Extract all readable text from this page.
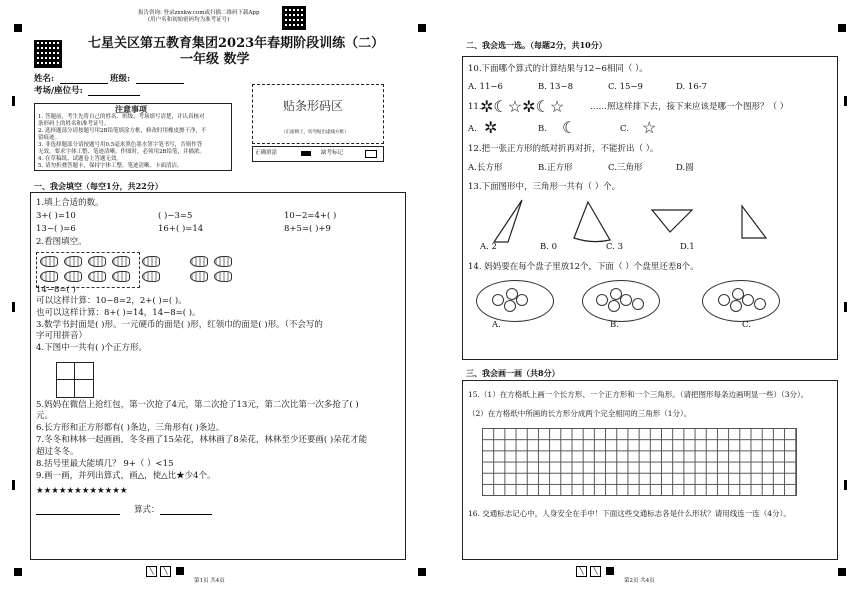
报告咨询: 登录zxxkw.com或扫描二维码下载App
(用户名和初始密码均为准考证号)
七星关区第五教育集团2023年春期阶段训练（二）
一年级 数学
姓名:	班级:
考场/座位号:
注意事项
1. 答题前，考生先将自己的姓名、班级、考场填写清楚，并认真核对
条形码上的姓名和准考证号。
2. 选择题部分请按题号用2B铅笔填涂方框，修改时用橡皮擦干净，不
留痕迹。
3. 非选择题部分请按题号用0.5毫米黑色墨水签字笔书写，否则作答
无效。要求字体工整、笔迹清晰。作图时，必须用2B铅笔，并描浓。
4. 在草稿纸、试题卷上答题无效。
5. 请勿折叠答题卡，保持字体工整、笔迹清晰、卡面清洁。
贴条形码区
（正面朝上，切勿贴出虚线方框）
正确填涂	缺考标记
一、我会填空（每空1分，共22分）
1.填上合适的数。
3+( )=10	( )−3=5	10−2=4+( )
13−( )=6	16+( )=14	8+5=( )+9
2.看图填空。
14−8=( )
可以这样计算：10−8=2，2+( )=( )。
也可以这样计算：8+( )=14，14−8=( )。
3.数学书封面是( )形。一元硬币的面是( )形，红领巾的面是( )形。（不会写的
字可用拼音）
4.下图中一共有( )个正方形。
5.妈妈在微信上抢红包，第一次抢了4元，第二次抢了13元，第二次比第一次多抢了( )
元。
6.长方形和正方形都有( )条边，三角形有( )条边。
7.冬冬和林林一起画画，冬冬画了15朵花，林林画了8朵花，林林至少还要画( )朵花才能
超过冬冬。
8.括号里最大能填几？ 9+（ ）<15
9.画一画，并列出算式，画△，使△比★少4个。
★★★★★★★★★★★★
算式：
╲	╲
第1页 共4页
二、我会选一选。（每题2分，共10分）
10.下面哪个算式的计算结果与12−6相同（ ）。
A. 11−6	B. 13−8	C. 15−9	D. 16-7
11.
✲☾☆✲☾☆	……照这样排下去，接下来应该是哪一个图形？（ ）
A. ✲	B. ☾	C. ☆
12.把一张正方形的纸对折再对折，不能折出（ ）。
A.长方形	B.正方形	C.三角形	D.圆
13.下面图形中，三角形一共有（ ）个。
A. 2	B. 0	C. 3	D.1
14. 妈妈要在每个盘子里放12个，下面（ ）个盘里还差8个。
A.	B.	C.
三、我会画一画（共8分）
15.（1）在方格纸上画一个长方形、一个正方形和一个三角形。（请把图形每条边画明显一些）（3分）。
（2）在方格纸中所画的长方形分成两个完全相同的三角形（1分）。
16. 交通标志记心中，人身安全在手中！下面这些交通标志各是什么形状？请用线连一连（4分）。
╲	╲
第2页 共4页
